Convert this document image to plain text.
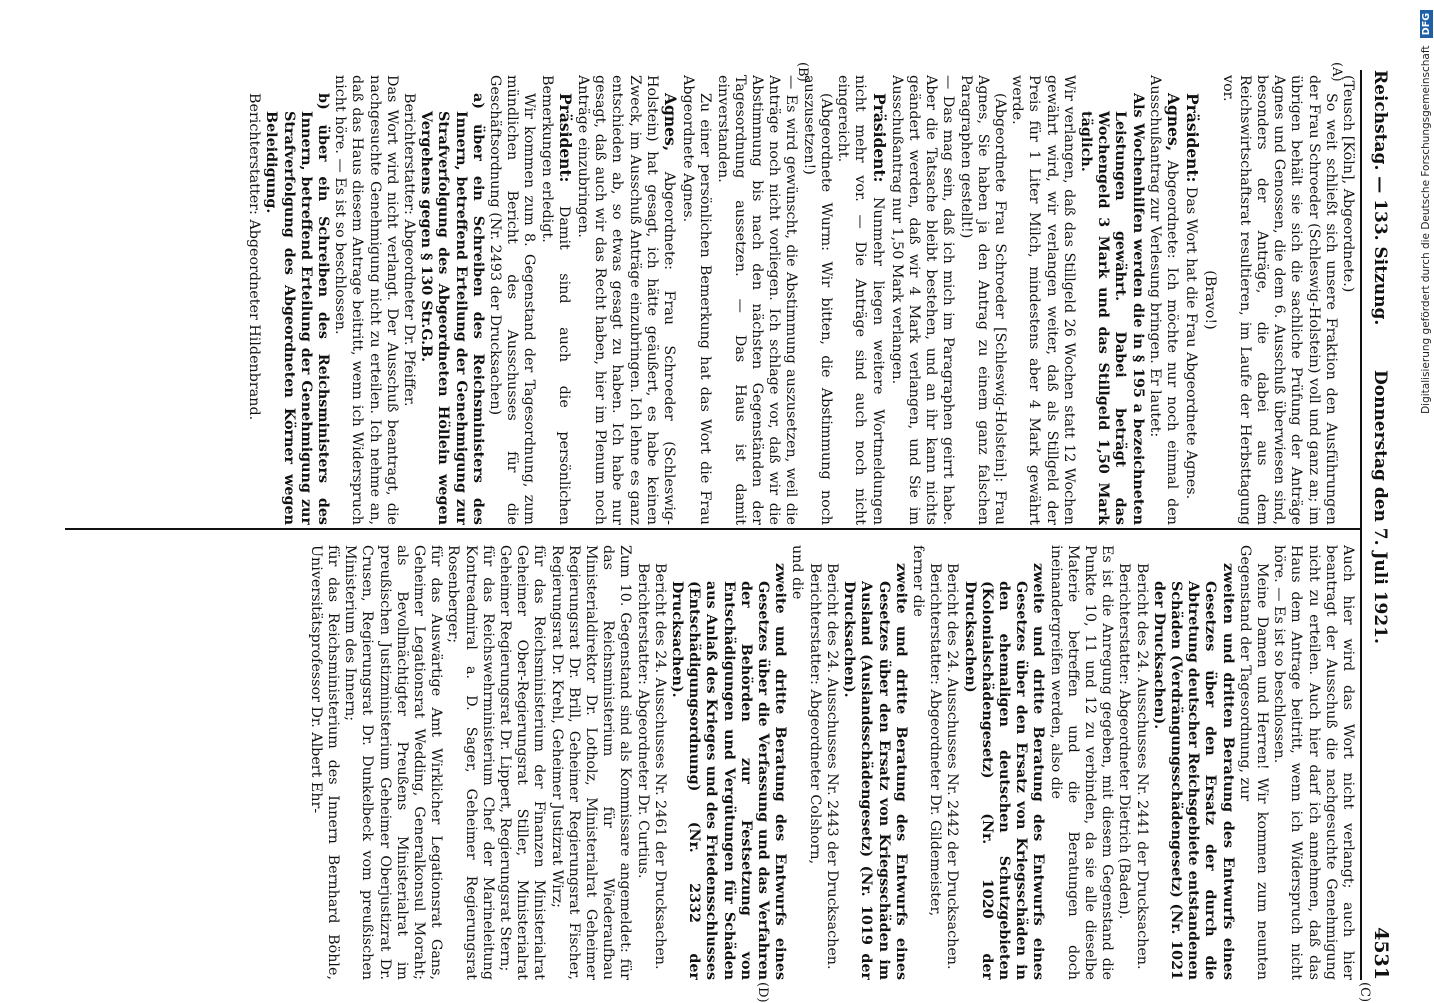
Reichstag. — 133. Sitzung.
Donnerstag den 7. Juli 1921.
4531
(A)
(B)
(C)
(D)

(Teusch [Köln], Abgeordnete.)

So weit schließt sich unsere Fraktion den Ausführungen der Frau Schroeder (Schleswig-Holstein) voll und ganz an; im übrigen behält sie sich die sachliche Prüfung der Anträge Agnes und Genossen, die dem 6. Ausschuß überwiesen sind, besonders der Anträge, die dabei aus dem Reichswirtschaftsrat resultieren, im Laufe der Herbsttagung vor.

(Bravo!)

Präsident: Das Wort hat die Frau Abgeordnete Agnes.

Agnes, Abgeordnete: Ich möchte nur noch einmal den Ausschußantrag zur Verlesung bringen. Er lautet:

Als Wochenhilfen werden die in § 195 a bezeichneten Leistungen gewährt. Dabei beträgt das Wochengeld 3 Mark und das Stillgeld 1,50 Mark täglich.

Wir verlangen, daß das Stillgeld 26 Wochen statt 12 Wochen gewährt wird, wir verlangen weiter, daß als Stillgeld der Preis für 1 Liter Milch, mindestens aber 4 Mark gewährt werde.

(Abgeordnete Frau Schroeder [Schleswig-Holstein]: Frau Agnes, Sie haben ja den Antrag zu einem ganz falschen Paragraphen gestellt!)

— Das mag sein, daß ich mich im Paragraphen geirrt habe. Aber die Tatsache bleibt bestehen, und an ihr kann nichts geändert werden, daß wir 4 Mark verlangen, und Sie im Ausschußantrag nur 1,50 Mark verlangen.

Präsident: Nunmehr liegen weitere Wortmeldungen nicht mehr vor. — Die Anträge sind auch noch nicht eingereicht.

(Abgeordnete Wurm: Wir bitten, die Abstimmung noch auszusetzen!)

— Es wird gewünscht, die Abstimmung auszusetzen, weil die Anträge noch nicht vorliegen. Ich schlage vor, daß wir die Abstimmung bis nach den nächsten Gegenständen der Tagesordnung aussetzen. — Das Haus ist damit einverstanden.

Zu einer persönlichen Bemerkung hat das Wort die Frau Abgeordnete Agnes.

Agnes, Abgeordnete: Frau Schroeder (Schleswig-Holstein) hat gesagt, ich hätte geäußert, es habe keinen Zweck, im Ausschuß Anträge einzubringen. Ich lehne es ganz entschieden ab, so etwas gesagt zu haben. Ich habe nur gesagt, daß auch wir das Recht haben, hier im Plenum noch Anträge einzubringen.

Präsident: Damit sind auch die persönlichen Bemerkungen erledigt.

Wir kommen zum 8. Gegenstand der Tagesordnung, zum mündlichen Bericht des Ausschusses für die Geschäftsordnung (Nr. 2493 der Drucksachen)

a) über ein Schreiben des Reichsministers des Innern, betreffend Erteilung der Genehmigung zur Strafverfolgung des Abgeordneten Höllein wegen Vergehens gegen § 130 Str.G.B.

Berichterstatter: Abgeordneter Dr. Pfeiffer.

Das Wort wird nicht verlangt. Der Ausschuß beantragt, die nachgesuchte Genehmigung nicht zu erteilen. Ich nehme an, daß das Haus diesem Antrage beitritt, wenn ich Widerspruch nicht höre. — Es ist so beschlossen.

b) über ein Schreiben des Reichsministers des Innern, betreffend Erteilung der Genehmigung zur Strafverfolgung des Abgeordneten Körner wegen Beleidigung.

Berichterstatter: Abgeordneter Hildenbrand.

Auch hier wird das Wort nicht verlangt; auch hier beantragt der Ausschuß die nachgesuchte Genehmigung nicht zu erteilen. Auch hier darf ich annehmen, daß das Haus dem Antrage beitritt, wenn ich Widerspruch nicht höre. — Es ist so beschlossen.

Meine Damen und Herren! Wir kommen zum neunten Gegenstand der Tagesordnung, zur

zweiten und dritten Beratung des Entwurfs eines Gesetzes über den Ersatz der durch die Abtretung deutscher Reichsgebiete entstandenen Schäden (Verdrängungsschädengesetz) (Nr. 1021 der Drucksachen).

Bericht des 24. Ausschusses Nr. 2441 der Drucksachen.

Berichterstatter: Abgeordneter Dietrich (Baden).

Es ist die Anregung gegeben, mit diesem Gegenstand die Punkte 10, 11 und 12 zu verbinden, da sie alle dieselbe Materie betreffen und die Beratungen doch ineinandergreifen werden, also die

zweite und dritte Beratung des Entwurfs eines Gesetzes über den Ersatz von Kriegsschäden in den ehemaligen deutschen Schutzgebieten (Kolonialschädengesetz) (Nr. 1020 der Drucksachen)

Bericht des 24. Ausschusses Nr. 2442 der Drucksachen.

Berichterstatter: Abgeordneter Dr. Gildemeister,

ferner die

zweite und dritte Beratung des Entwurfs eines Gesetzes über den Ersatz von Kriegsschäden im Ausland (Auslandsschädengesetz) (Nr. 1019 der Drucksachen).

Bericht des 24. Ausschusses Nr. 2443 der Drucksachen.

Berichterstatter: Abgeordneter Colshorn,

und die

zweite und dritte Beratung des Entwurfs eines Gesetzes über die Verfassung und das Verfahren der Behörden zur Festsetzung von Entschädigungen und Vergütungen für Schäden aus Anlaß des Krieges und des Friedensschlusses (Entschädigungsordnung) (Nr. 2332 der Drucksachen).

Bericht des 24. Ausschusses Nr. 2461 der Drucksachen.

Berichterstatter: Abgeordneter Dr. Curtius.

Zum 10. Gegenstand sind als Kommissare angemeldet: für das Reichsministerium für Wiederaufbau Ministerialdirektor Dr. Lotholz, Ministerialrat Geheimer Regierungsrat Dr. Brill, Geheimer Regierungsrat Fischer, Regierungsrat Dr. Krehl, Geheimer Justizrat Wirz;

für das Reichsministerium der Finanzen Ministerialrat Geheimer Ober-Regierungsrat Stiller, Ministerialrat Geheimer Regierungsrat Dr. Lippert, Regierungsrat Stern;

für das Reichswehrministerium Chef der Marineleitung Kontreadmiral a. D. Sager, Geheimer Regierungsrat Rosenberger;

für das Auswärtige Amt Wirklicher Legationsrat Gans, Geheimer Legationsrat Wedding, Generalkonsul Moraht; als Bevollmächtigter Preußens Ministerialrat im preußischen Justizministerium Geheimer Oberjustizrat Dr. Crusen, Regierungsrat Dr. Dunkelbeck vom preußischen Ministerium des Innern;

für das Reichsministerium des Innern Bernhard Böhle, Universitätsprofessor Dr. Albert Ehr-

Digitalisierung gefördert durch die Deutsche Forschungsgemeinschaft DFG
